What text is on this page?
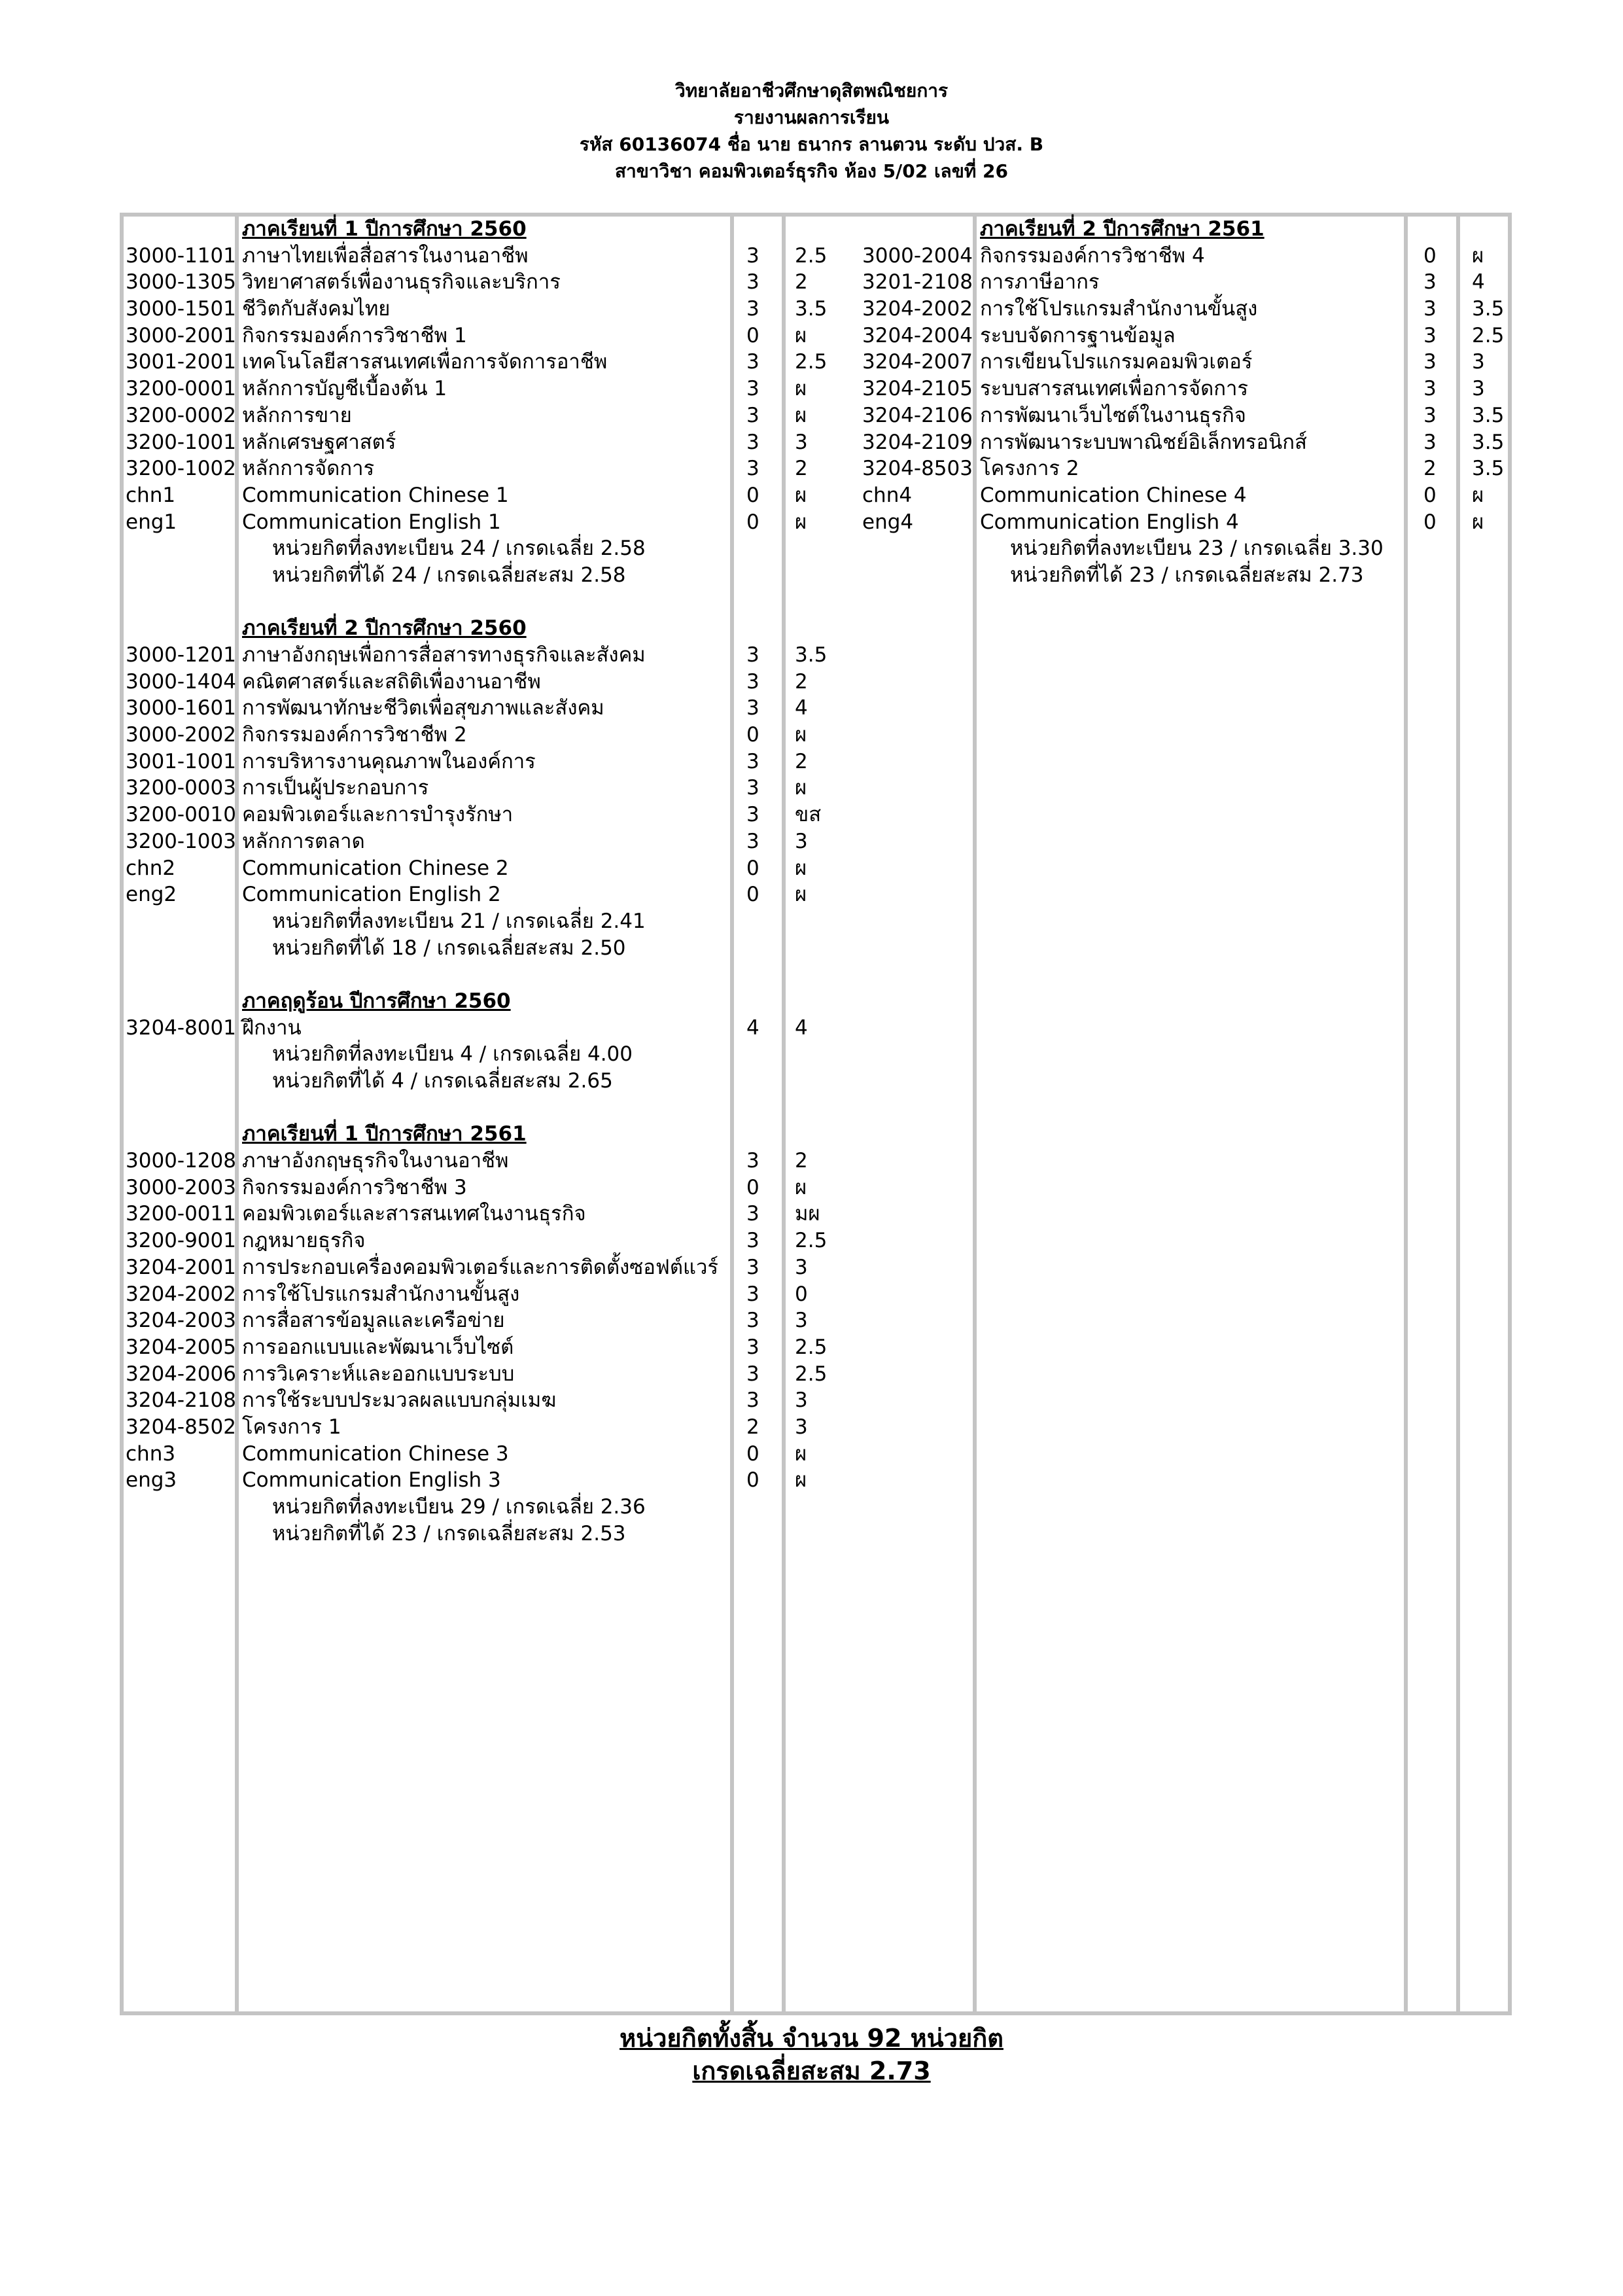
วิทยาลัยอาชีวศึกษาดุสิตพณิชยการ
รายงานผลการเรียน
รหัส 60136074 ชื่อ นาย ธนากร ลานตวน ระดับ ปวส. B
สาขาวิชา คอมพิวเตอร์ธุรกิจ ห้อง 5/02 เลขที่ 26
3000-1101
3000-1305
3000-1501
3000-2001
3001-2001
3200-0001
3200-0002
3200-1001
3200-1002
chn1
eng1
3000-1201
3000-1404
3000-1601
3000-2002
3001-1001
3200-0003
3200-0010
3200-1003
chn2
eng2
3204-8001
3000-1208
3000-2003
3200-0011
3200-9001
3204-2001
3204-2002
3204-2003
3204-2005
3204-2006
3204-2108
3204-8502
chn3
eng3
ภาคเรียนที่ 1 ปีการศึกษา 2560
ภาษาไทยเพื่อสื่อสารในงานอาชีพ
วิทยาศาสตร์เพื่องานธุรกิจและบริการ
ชีวิตกับสังคมไทย
กิจกรรมองค์การวิชาชีพ 1
เทคโนโลยีสารสนเทศเพื่อการจัดการอาชีพ
หลักการบัญชีเบื้องต้น 1
หลักการขาย
หลักเศรษฐศาสตร์
หลักการจัดการ
Communication Chinese 1
Communication English 1
หน่วยกิตที่ลงทะเบียน 24 / เกรดเฉลี่ย 2.58
หน่วยกิตที่ได้ 24 / เกรดเฉลี่ยสะสม 2.58
ภาคเรียนที่ 2 ปีการศึกษา 2560
ภาษาอังกฤษเพื่อการสื่อสารทางธุรกิจและสังคม
คณิตศาสตร์และสถิติเพื่องานอาชีพ
การพัฒนาทักษะชีวิตเพื่อสุขภาพและสังคม
กิจกรรมองค์การวิชาชีพ 2
การบริหารงานคุณภาพในองค์การ
การเป็นผู้ประกอบการ
คอมพิวเตอร์และการบำรุงรักษา
หลักการตลาด
Communication Chinese 2
Communication English 2
หน่วยกิตที่ลงทะเบียน 21 / เกรดเฉลี่ย 2.41
หน่วยกิตที่ได้ 18 / เกรดเฉลี่ยสะสม 2.50
ภาคฤดูร้อน ปีการศึกษา 2560
ฝึกงาน
หน่วยกิตที่ลงทะเบียน 4 / เกรดเฉลี่ย 4.00
หน่วยกิตที่ได้ 4 / เกรดเฉลี่ยสะสม 2.65
ภาคเรียนที่ 1 ปีการศึกษา 2561
ภาษาอังกฤษธุรกิจในงานอาชีพ
กิจกรรมองค์การวิชาชีพ 3
คอมพิวเตอร์และสารสนเทศในงานธุรกิจ
กฎหมายธุรกิจ
การประกอบเครื่องคอมพิวเตอร์และการติดตั้งซอฟต์แวร์
การใช้โปรแกรมสำนักงานขั้นสูง
การสื่อสารข้อมูลและเครือข่าย
การออกแบบและพัฒนาเว็บไซต์
การวิเคราะห์และออกแบบระบบ
การใช้ระบบประมวลผลแบบกลุ่มเมฆ
โครงการ 1
Communication Chinese 3
Communication English 3
หน่วยกิตที่ลงทะเบียน 29 / เกรดเฉลี่ย 2.36
หน่วยกิตที่ได้ 23 / เกรดเฉลี่ยสะสม 2.53
3
3
3
0
3
3
3
3
3
0
0
3
3
3
0
3
3
3
3
0
0
4
3
0
3
3
3
3
3
3
3
3
2
0
0
2.5
2
3.5
ผ
2.5
ผ
ผ
3
2
ผ
ผ
3.5
2
4
ผ
2
ผ
ขส
3
ผ
ผ
4
2
ผ
มผ
2.5
3
0
3
2.5
2.5
3
3
ผ
ผ
3000-2004
3201-2108
3204-2002
3204-2004
3204-2007
3204-2105
3204-2106
3204-2109
3204-8503
chn4
eng4
ภาคเรียนที่ 2 ปีการศึกษา 2561
กิจกรรมองค์การวิชาชีพ 4
การภาษีอากร
การใช้โปรแกรมสำนักงานขั้นสูง
ระบบจัดการฐานข้อมูล
การเขียนโปรแกรมคอมพิวเตอร์
ระบบสารสนเทศเพื่อการจัดการ
การพัฒนาเว็บไซต์ในงานธุรกิจ
การพัฒนาระบบพาณิชย์อิเล็กทรอนิกส์
โครงการ 2
Communication Chinese 4
Communication English 4
หน่วยกิตที่ลงทะเบียน 23 / เกรดเฉลี่ย 3.30
หน่วยกิตที่ได้ 23 / เกรดเฉลี่ยสะสม 2.73
0
3
3
3
3
3
3
3
2
0
0
ผ
4
3.5
2.5
3
3
3.5
3.5
3.5
ผ
ผ
หน่วยกิตทั้งสิ้น จำนวน 92 หน่วยกิต
เกรดเฉลี่ยสะสม 2.73
